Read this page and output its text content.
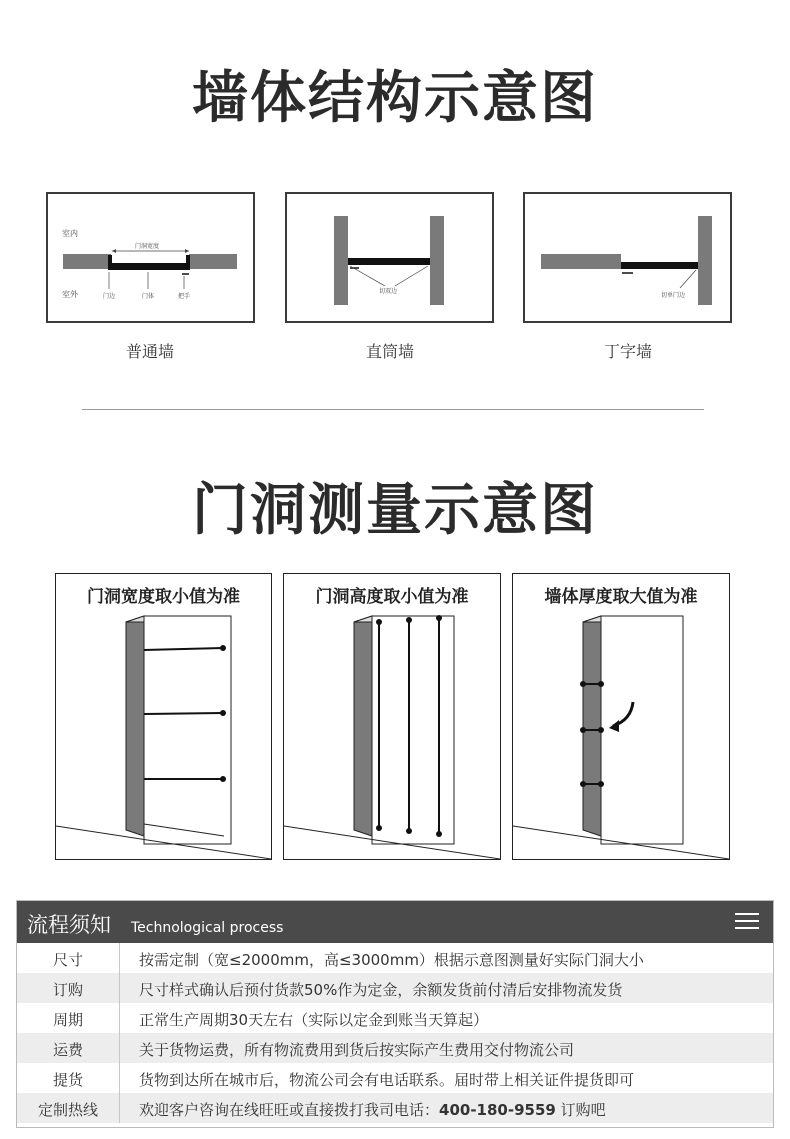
墙体结构示意图
室内
室外
门洞宽度
门边	门体	把手
普通墙
切双边
直筒墙
切单门边
丁字墙
门洞测量示意图
门洞宽度取小值为准	门洞高度取小值为准	墙体厚度取大值为准
流程须知 Technological process
尺寸	按需定制（宽≤2000mm，高≤3000mm）根据示意图测量好实际门洞大小
订购	尺寸样式确认后预付货款50%作为定金，余额发货前付清后安排物流发货
周期	正常生产周期30天左右（实际以定金到账当天算起）
运费	关于货物运费，所有物流费用到货后按实际产生费用交付物流公司
提货	货物到达所在城市后，物流公司会有电话联系。届时带上相关证件提货即可
定制热线	欢迎客户咨询在线旺旺或直接拨打我司电话：400-180-9559 订购吧
